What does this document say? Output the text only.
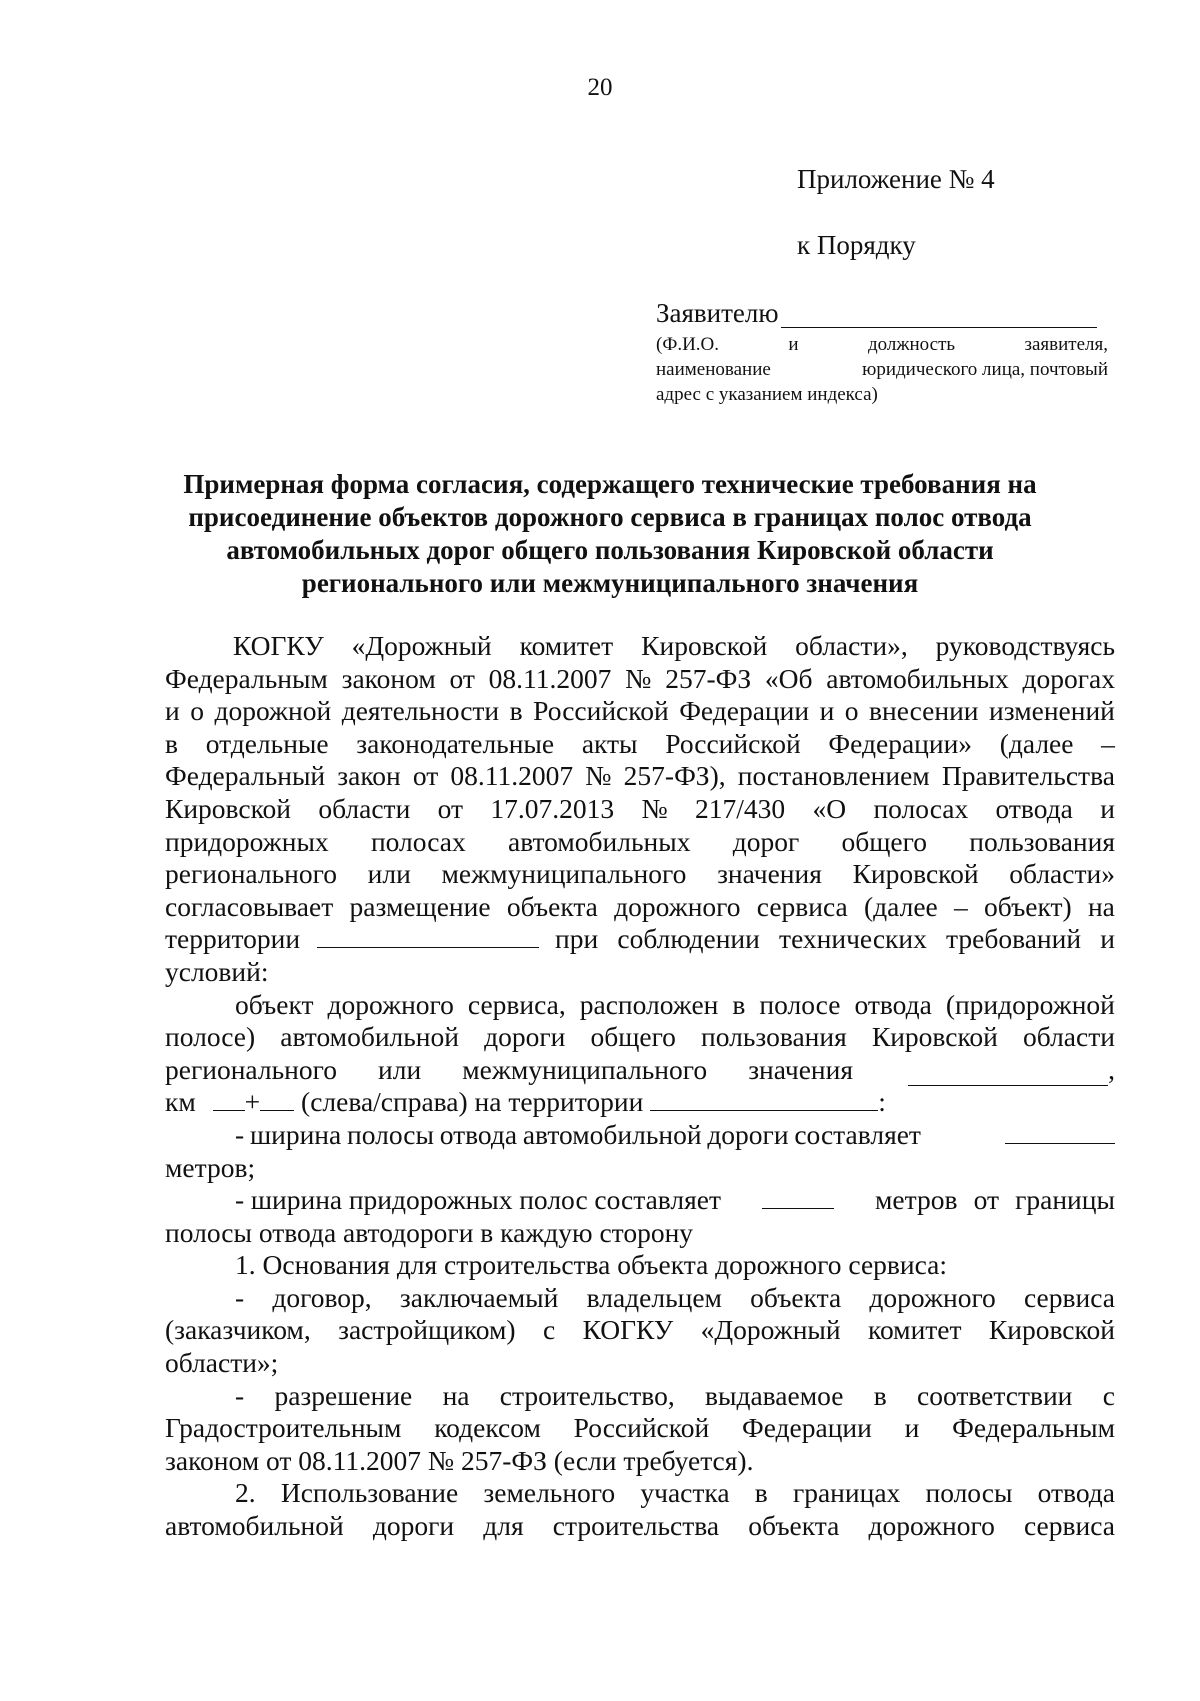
20
Приложение № 4
к Порядку
Заявителю
(Ф.И.О.	и	должность	заявителя,
наименование	юридического лица, почтовый
адрес с указанием индекса)
Примерная форма согласия, содержащего технические требования на
присоединение объектов дорожного сервиса в границах полос отвода
автомобильных дорог общего пользования Кировской области
регионального или межмуниципального значения
КОГКУ «Дорожный комитет Кировской области», руководствуясь
Федеральным законом от 08.11.2007 № 257-ФЗ «Об автомобильных дорогах
и о дорожной деятельности в Российской Федерации и о внесении изменений
в отдельные законодательные акты Российской Федерации» (далее –
Федеральный закон от 08.11.2007 № 257-ФЗ), постановлением Правительства
Кировской области от 17.07.2013 № 217/430 «О полосах отвода и
придорожных полосах автомобильных дорог общего пользования
регионального или межмуниципального значения Кировской области»
согласовывает размещение объекта дорожного сервиса (далее – объект) на
территории	при соблюдении технических требований и
условий:
объект дорожного сервиса, расположен в полосе отвода (придорожной
полосе) автомобильной дороги общего пользования Кировской области
регионального или межмуниципального значения	,
км + (слева/справа) на территории	:
- ширина полосы отвода автомобильной дороги составляет
метров;
- ширина придорожных полос составляет	метров от границы
полосы отвода автодороги в каждую сторону
1. Основания для строительства объекта дорожного сервиса:
- договор, заключаемый владельцем объекта дорожного сервиса
(заказчиком, застройщиком) с КОГКУ «Дорожный комитет Кировской
области»;
- разрешение на строительство, выдаваемое в соответствии с
Градостроительным кодексом Российской Федерации и Федеральным
законом от 08.11.2007 № 257-ФЗ (если требуется).
2. Использование земельного участка в границах полосы отвода
автомобильной дороги для строительства объекта дорожного сервиса
